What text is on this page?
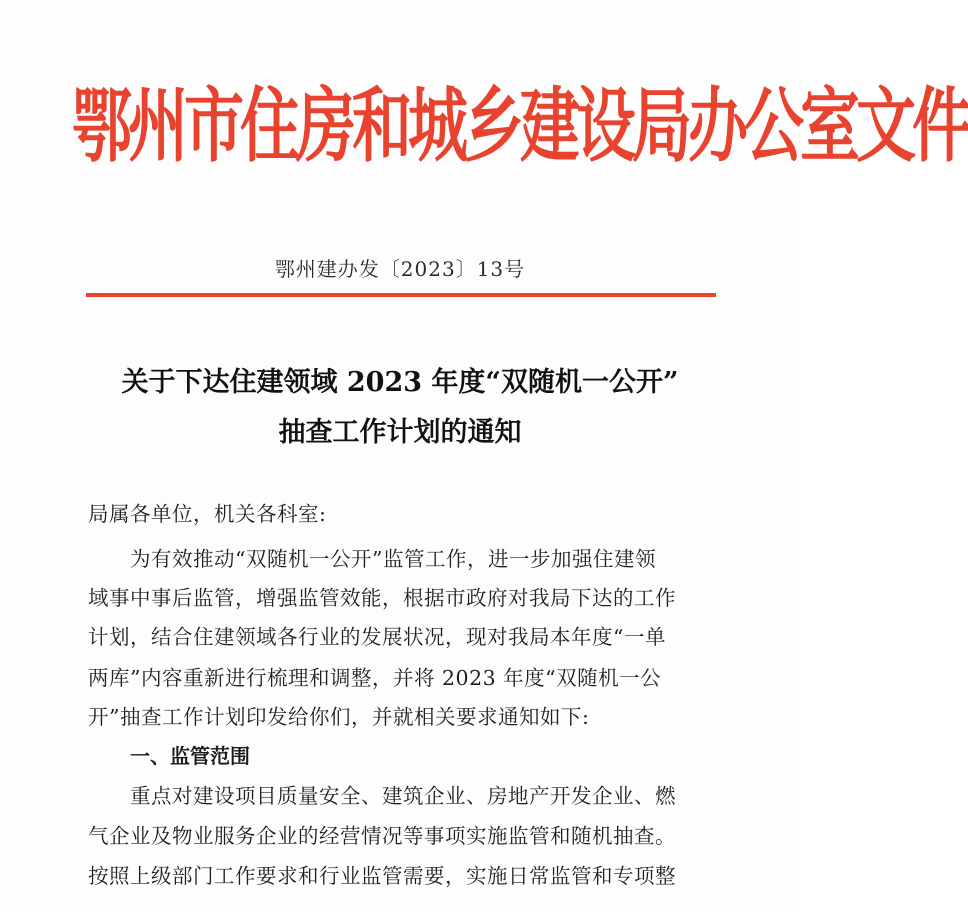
鄂州市住房和城乡建设局办公室文件
鄂州建办发〔2023〕13号
关于下达住建领域 2023 年度“双随机一公开”
抽查工作计划的通知
局属各单位，机关各科室:
为有效推动“双随机一公开”监管工作，进一步加强住建领
域事中事后监管，增强监管效能，根据市政府对我局下达的工作
计划，结合住建领域各行业的发展状况，现对我局本年度“一单
两库”内容重新进行梳理和调整，并将 2023 年度“双随机一公
开”抽查工作计划印发给你们，并就相关要求通知如下:
一、监管范围
重点对建设项目质量安全、建筑企业、房地产开发企业、燃
气企业及物业服务企业的经营情况等事项实施监管和随机抽查。
按照上级部门工作要求和行业监管需要，实施日常监管和专项整
